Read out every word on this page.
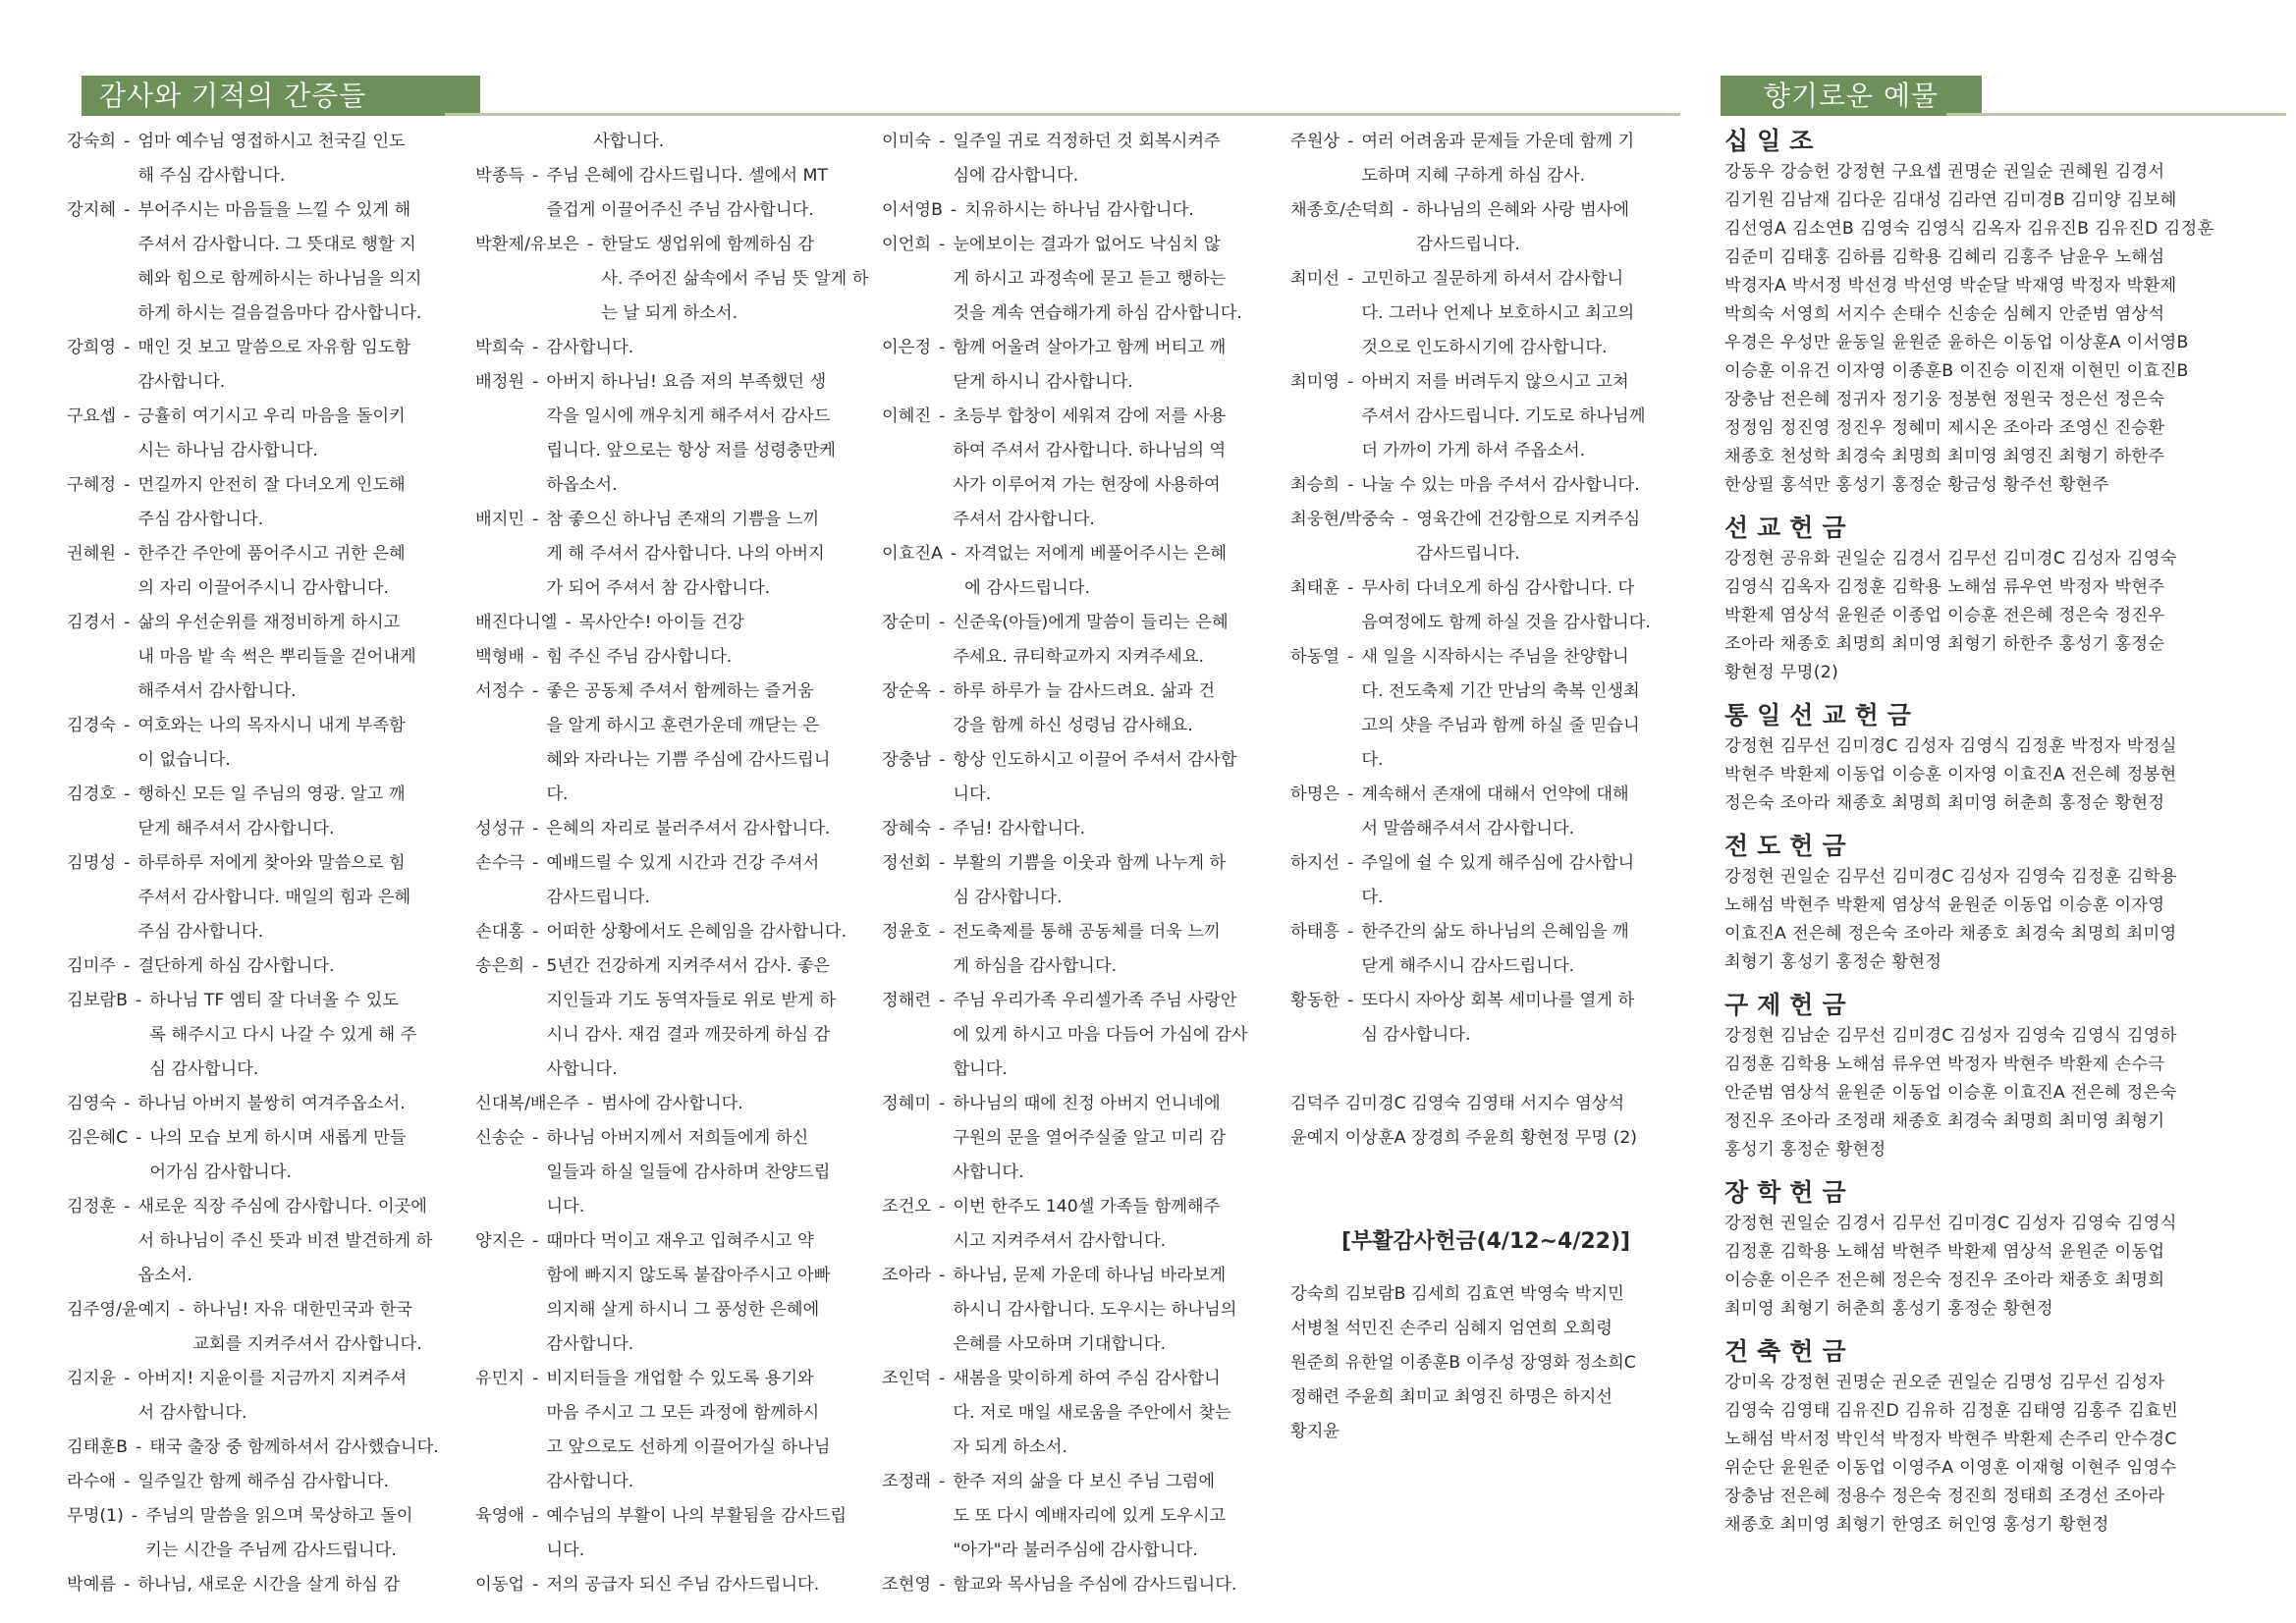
감사와 기적의 간증들	향기로운 예물
강숙희 - 엄마 예수님 영접하시고 천국길 인도
해 주심 감사합니다.
강지혜 - 부어주시는 마음들을 느낄 수 있게 해
주셔서 감사합니다. 그 뜻대로 행할 지
혜와 힘으로 함께하시는 하나님을 의지
하게 하시는 걸음걸음마다 감사합니다.
강희영 - 매인 것 보고 말씀으로 자유함 임도함
감사합니다.
구요셉 - 긍휼히 여기시고 우리 마음을 돌이키
시는 하나님 감사합니다.
구혜정 - 먼길까지 안전히 잘 다녀오게 인도해
주심 감사합니다.
권혜원 - 한주간 주안에 품어주시고 귀한 은혜
의 자리 이끌어주시니 감사합니다.
김경서 - 삶의 우선순위를 재정비하게 하시고
내 마음 밭 속 썩은 뿌리들을 걷어내게
해주셔서 감사합니다.
김경숙 - 여호와는 나의 목자시니 내게 부족함
이 없습니다.
김경호 - 행하신 모든 일 주님의 영광. 알고 깨
닫게 해주셔서 감사합니다.
김명성 - 하루하루 저에게 찾아와 말씀으로 힘
주셔서 감사합니다. 매일의 힘과 은혜
주심 감사합니다.
김미주 - 결단하게 하심 감사합니다.
김보람B - 하나님 TF 엠티 잘 다녀올 수 있도
록 해주시고 다시 나갈 수 있게 해 주
심 감사합니다.
김영숙 - 하나님 아버지 불쌍히 여겨주옵소서.
김은혜C - 나의 모습 보게 하시며 새롭게 만들
어가심 감사합니다.
김정훈 - 새로운 직장 주심에 감사합니다. 이곳에
서 하나님이 주신 뜻과 비젼 발견하게 하
옵소서.
김주영/윤예지 - 하나님! 자유 대한민국과 한국
교회를 지켜주셔서 감사합니다.
김지윤 - 아버지! 지윤이를 지금까지 지켜주셔
서 감사합니다.
김태훈B - 태국 출장 중 함께하셔서 감사했습니다.
라수애 - 일주일간 함께 해주심 감사합니다.
무명(1) - 주님의 말씀을 읽으며 묵상하고 돌이
키는 시간을 주님께 감사드립니다.
박예름 - 하나님, 새로운 시간을 살게 하심 감
사합니다.
박종득 - 주님 은혜에 감사드립니다. 셀에서 MT
즐겁게 이끌어주신 주님 감사합니다.
박환제/유보은 - 한달도 생업위에 함께하심 감
사. 주어진 삶속에서 주님 뜻 알게 하
는 날 되게 하소서.
박희숙 - 감사합니다.
배정원 - 아버지 하나님! 요즘 저의 부족했던 생
각을 일시에 깨우치게 해주셔서 감사드
립니다. 앞으로는 항상 저를 성령충만케
하옵소서.
배지민 - 참 좋으신 하나님 존재의 기쁨을 느끼
게 해 주셔서 감사합니다. 나의 아버지
가 되어 주셔서 참 감사합니다.
배진다니엘 - 목사안수! 아이들 건강
백형배 - 힘 주신 주님 감사합니다.
서정수 - 좋은 공동체 주셔서 함께하는 즐거움
을 알게 하시고 훈련가운데 깨닫는 은
혜와 자라나는 기쁨 주심에 감사드립니
다.
성성규 - 은혜의 자리로 불러주셔서 감사합니다.
손수극 - 예배드릴 수 있게 시간과 건강 주셔서
감사드립니다.
손대홍 - 어떠한 상황에서도 은혜임을 감사합니다.
송은희 - 5년간 건강하게 지켜주셔서 감사. 좋은
지인들과 기도 동역자들로 위로 받게 하
시니 감사. 재검 결과 깨끗하게 하심 감
사합니다.
신대복/배은주 - 범사에 감사합니다.
신송순 - 하나님 아버지께서 저희들에게 하신
일들과 하실 일들에 감사하며 찬양드립
니다.
양지은 - 때마다 먹이고 재우고 입혀주시고 약
함에 빠지지 않도록 붙잡아주시고 아빠
의지해 살게 하시니 그 풍성한 은혜에
감사합니다.
유민지 - 비지터들을 개업할 수 있도록 용기와
마음 주시고 그 모든 과정에 함께하시
고 앞으로도 선하게 이끌어가실 하나님
감사합니다.
육영애 - 예수님의 부활이 나의 부활됨을 감사드립
니다.
이동업 - 저의 공급자 되신 주님 감사드립니다.
이미숙 - 일주일 귀로 걱정하던 것 회복시켜주
심에 감사합니다.
이서영B - 치유하시는 하나님 감사합니다.
이언희 - 눈에보이는 결과가 없어도 낙심치 않
게 하시고 과정속에 묻고 듣고 행하는
것을 계속 연습해가게 하심 감사합니다.
이은정 - 함께 어울려 살아가고 함께 버티고 깨
닫게 하시니 감사합니다.
이혜진 - 초등부 합창이 세워져 감에 저를 사용
하여 주셔서 감사합니다. 하나님의 역
사가 이루어져 가는 현장에 사용하여
주셔서 감사합니다.
이효진A - 자격없는 저에게 베풀어주시는 은혜
에 감사드립니다.
장순미 - 신준욱(아들)에게 말씀이 들리는 은혜
주세요. 큐티학교까지 지켜주세요.
장순옥 - 하루 하루가 늘 감사드려요. 삶과 건
강을 함께 하신 성령님 감사해요.
장충남 - 항상 인도하시고 이끌어 주셔서 감사합
니다.
장혜숙 - 주님! 감사합니다.
정선회 - 부활의 기쁨을 이웃과 함께 나누게 하
심 감사합니다.
정윤호 - 전도축제를 통해 공동체를 더욱 느끼
게 하심을 감사합니다.
정해련 - 주님 우리가족 우리셀가족 주님 사랑안
에 있게 하시고 마음 다듬어 가심에 감사
합니다.
정혜미 - 하나님의 때에 친정 아버지 언니네에
구원의 문을 열어주실줄 알고 미리 감
사합니다.
조건오 - 이번 한주도 140셀 가족들 함께해주
시고 지켜주셔서 감사합니다.
조아라 - 하나님, 문제 가운데 하나님 바라보게
하시니 감사합니다. 도우시는 하나님의
은혜를 사모하며 기대합니다.
조인덕 - 새봄을 맞이하게 하여 주심 감사합니
다. 저로 매일 새로움을 주안에서 찾는
자 되게 하소서.
조정래 - 한주 저의 삶을 다 보신 주님 그럼에
도 또 다시 예배자리에 있게 도우시고
"아가"라 불러주심에 감사합니다.
조현영 - 함교와 목사님을 주심에 감사드립니다.
주원상 - 여러 어려움과 문제들 가운데 함께 기
도하며 지혜 구하게 하심 감사.
채종호/손덕희 - 하나님의 은혜와 사랑 범사에
감사드립니다.
최미선 - 고민하고 질문하게 하셔서 감사합니
다. 그러나 언제나 보호하시고 최고의
것으로 인도하시기에 감사합니다.
최미영 - 아버지 저를 버려두지 않으시고 고쳐
주셔서 감사드립니다. 기도로 하나님께
더 가까이 가게 하셔 주옵소서.
최승희 - 나눌 수 있는 마음 주셔서 감사합니다.
최웅현/박중숙 - 영육간에 건강함으로 지켜주심
감사드립니다.
최태훈 - 무사히 다녀오게 하심 감사합니다. 다
음여정에도 함께 하실 것을 감사합니다.
하동열 - 새 일을 시작하시는 주님을 찬양합니
다. 전도축제 기간 만남의 축복 인생최
고의 샷을 주님과 함께 하실 줄 믿습니
다.
하명은 - 계속해서 존재에 대해서 언약에 대해
서 말씀해주셔서 감사합니다.
하지선 - 주일에 쉴 수 있게 해주심에 감사합니
다.
하태흥 - 한주간의 삶도 하나님의 은혜임을 깨
닫게 해주시니 감사드립니다.
황동한 - 또다시 자아상 회복 세미나를 열게 하
심 감사합니다.
김덕주 김미경C 김영숙 김영태 서지수 염상석
윤예지 이상훈A 장경희 주윤희 황현정 무명 (2)
[부활감사헌금(4/12~4/22)]
강숙희 김보람B 김세희 김효연 박영숙 박지민
서병철 석민진 손주리 심혜지 엄연희 오희령
원준희 유한얼 이종훈B 이주성 장영화 정소희C
정해련 주윤희 최미교 최영진 하명은 하지선
황지윤
십일조
강동우 강승헌 강정현 구요셉 권명순 권일순 권혜원 김경서
김기원 김남재 김다운 김대성 김라연 김미경B 김미양 김보혜
김선영A 김소연B 김영숙 김영식 김옥자 김유진B 김유진D 김정훈
김준미 김태홍 김하름 김학용 김혜리 김홍주 남윤우 노해섬
박경자A 박서정 박선경 박선영 박순달 박재영 박정자 박환제
박희숙 서영희 서지수 손태수 신송순 심혜지 안준범 염상석
우경은 우성만 윤동일 윤원준 윤하은 이동업 이상훈A 이서영B
이승훈 이유건 이자영 이종훈B 이진승 이진재 이현민 이효진B
장충남 전은혜 정귀자 정기웅 정봉현 정원국 정은선 정은숙
정정임 정진영 정진우 정혜미 제시온 조아라 조영신 진승환
채종호 천성학 최경숙 최명희 최미영 최영진 최형기 하한주
한상필 홍석만 홍성기 홍정순 황금성 황주선 황현주
선교헌금
강정현 공유화 권일순 김경서 김무선 김미경C 김성자 김영숙
김영식 김옥자 김정훈 김학용 노해섬 류우연 박정자 박현주
박환제 염상석 윤원준 이종업 이승훈 전은혜 정은숙 정진우
조아라 채종호 최명희 최미영 최형기 하한주 홍성기 홍정순
황현정 무명(2)
통일선교헌금
강정현 김무선 김미경C 김성자 김영식 김정훈 박정자 박정실
박현주 박환제 이동업 이승훈 이자영 이효진A 전은혜 정봉현
정은숙 조아라 채종호 최명희 최미영 허춘희 홍정순 황현정
전도헌금
강정현 권일순 김무선 김미경C 김성자 김영숙 김정훈 김학용
노해섬 박현주 박환제 염상석 윤원준 이동업 이승훈 이자영
이효진A 전은혜 정은숙 조아라 채종호 최경숙 최명희 최미영
최형기 홍성기 홍정순 황현정
구제헌금
강정현 김남순 김무선 김미경C 김성자 김영숙 김영식 김영하
김정훈 김학용 노해섬 류우연 박정자 박현주 박환제 손수극
안준범 염상석 윤원준 이동업 이승훈 이효진A 전은혜 정은숙
정진우 조아라 조정래 채종호 최경숙 최명희 최미영 최형기
홍성기 홍정순 황현정
장학헌금
강정현 권일순 김경서 김무선 김미경C 김성자 김영숙 김영식
김정훈 김학용 노해섬 박현주 박환제 염상석 윤원준 이동업
이승훈 이은주 전은혜 정은숙 정진우 조아라 채종호 최명희
최미영 최형기 허춘희 홍성기 홍정순 황현정
건축헌금
강미옥 강정현 권명순 권오준 권일순 김명성 김무선 김성자
김영숙 김영태 김유진D 김유하 김정훈 김태영 김홍주 김효빈
노해섬 박서정 박인석 박정자 박현주 박환제 손주리 안수경C
위순단 윤원준 이동업 이영주A 이영훈 이재형 이현주 임영수
장충남 전은혜 정용수 정은숙 정진희 정태희 조경선 조아라
채종호 최미영 최형기 한영조 허인영 홍성기 황현정
